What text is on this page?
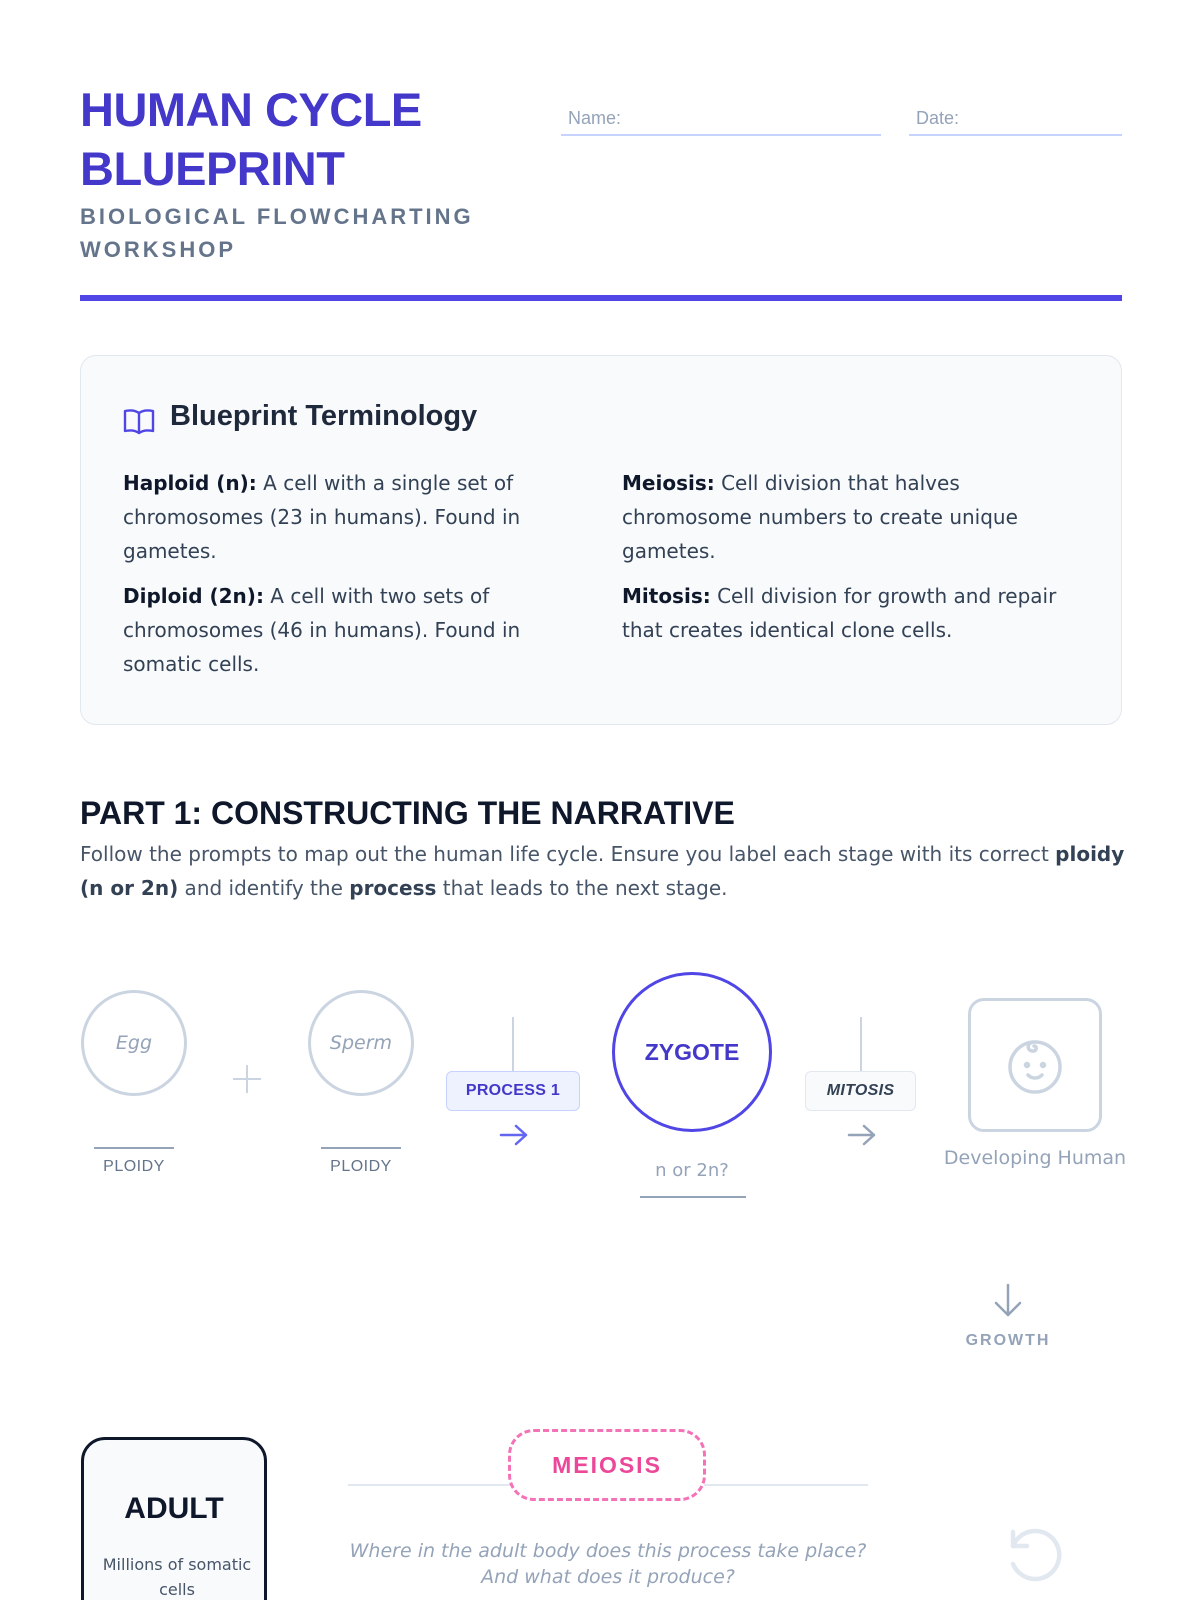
HUMAN CYCLE BLUEPRINT
BIOLOGICAL FLOWCHARTING WORKSHOP
Name:	Date:
Blueprint Terminology

Haploid (n): A cell with a single set of chromosomes (23 in humans). Found in gametes.

Diploid (2n): A cell with two sets of chromosomes (46 in humans). Found in somatic cells.

Meiosis: Cell division that halves chromosome numbers to create unique gametes.

Mitosis: Cell division for growth and repair that creates identical clone cells.

PART 1: CONSTRUCTING THE NARRATIVE

Follow the prompts to map out the human life cycle. Ensure you label each stage with its correct ploidy (n or 2n) and identify the process that leads to the next stage.

Egg	Sperm
PLOIDY	PLOIDY
PROCESS 1
ZYGOTE
n or 2n?
MITOSIS
Developing Human
GROWTH
ADULT
Millions of somatic cells
MEIOSIS

Where in the adult body does this process take place? And what does it produce?
